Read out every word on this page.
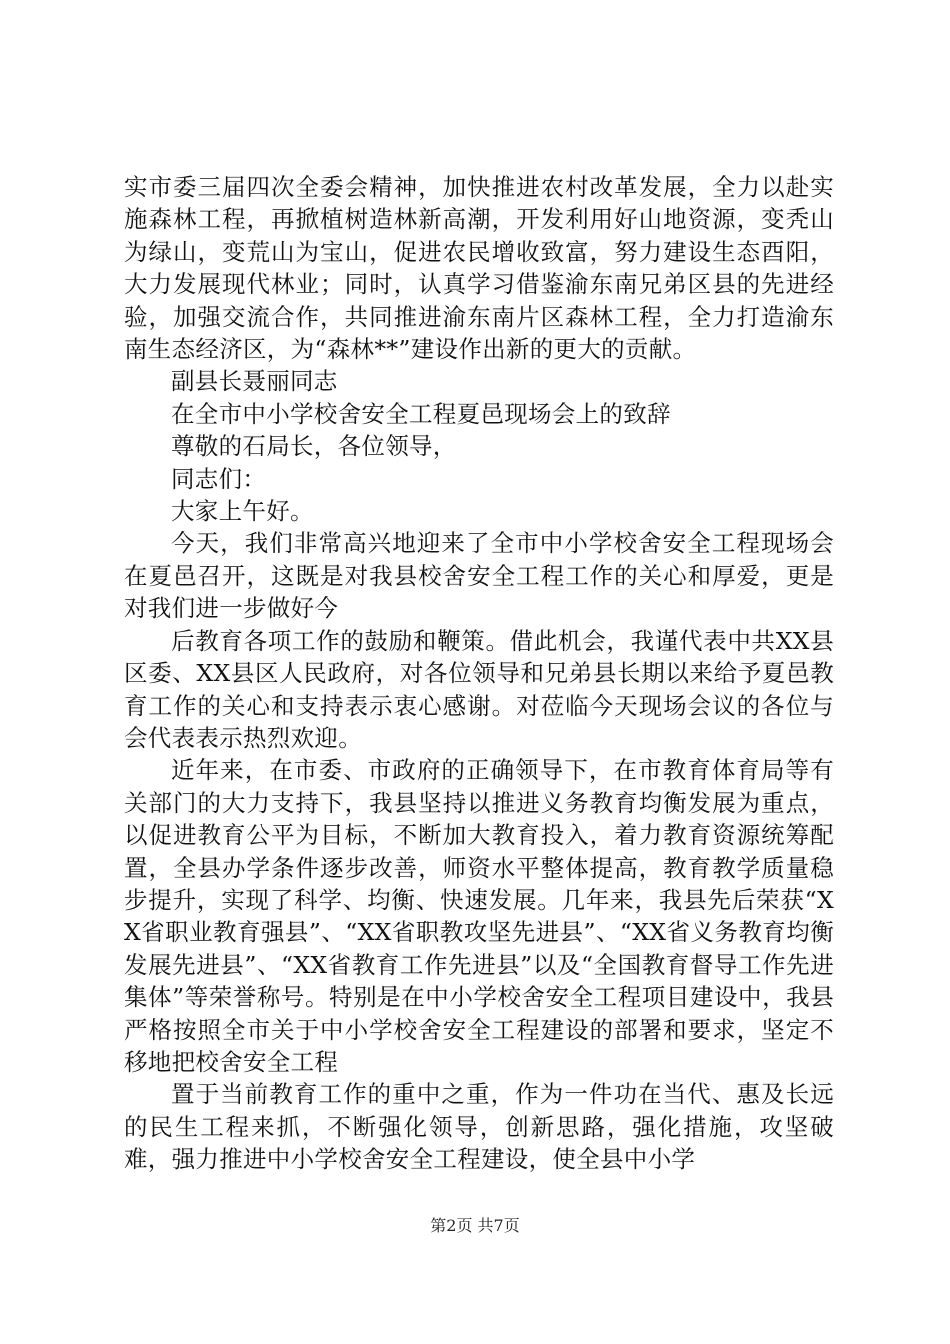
实市委三届四次全委会精神，加快推进农村改革发展，全力以赴实施森林工程，再掀植树造林新高潮，开发利用好山地资源，变秃山为绿山，变荒山为宝山，促进农民增收致富，努力建设生态酉阳，大力发展现代林业；同时，认真学习借鉴渝东南兄弟区县的先进经验，加强交流合作，共同推进渝东南片区森林工程，全力打造渝东南生态经济区，为“森林**”建设作出新的更大的贡献。

副县长聂丽同志

在全市中小学校舍安全工程夏邑现场会上的致辞

尊敬的石局长，各位领导，

同志们：

大家上午好。

今天，我们非常高兴地迎来了全市中小学校舍安全工程现场会在夏邑召开，这既是对我县校舍安全工程工作的关心和厚爱，更是对我们进一步做好今

后教育各项工作的鼓励和鞭策。借此机会，我谨代表中共XX县区委、XX县区人民政府，对各位领导和兄弟县长期以来给予夏邑教育工作的关心和支持表示衷心感谢。对莅临今天现场会议的各位与会代表表示热烈欢迎。

近年来，在市委、市政府的正确领导下，在市教育体育局等有关部门的大力支持下，我县坚持以推进义务教育均衡发展为重点，以促进教育公平为目标，不断加大教育投入，着力教育资源统筹配置，全县办学条件逐步改善，师资水平整体提高，教育教学质量稳步提升，实现了科学、均衡、快速发展。几年来，我县先后荣获“XX省职业教育强县”、“XX省职教攻坚先进县”、“XX省义务教育均衡发展先进县”、“XX省教育工作先进县”以及“全国教育督导工作先进集体”等荣誉称号。特别是在中小学校舍安全工程项目建设中，我县严格按照全市关于中小学校舍安全工程建设的部署和要求，坚定不移地把校舍安全工程

置于当前教育工作的重中之重，作为一件功在当代、惠及长远的民生工程来抓，不断强化领导，创新思路，强化措施，攻坚破难，强力推进中小学校舍安全工程建设，使全县中小学

第2页 共7页
